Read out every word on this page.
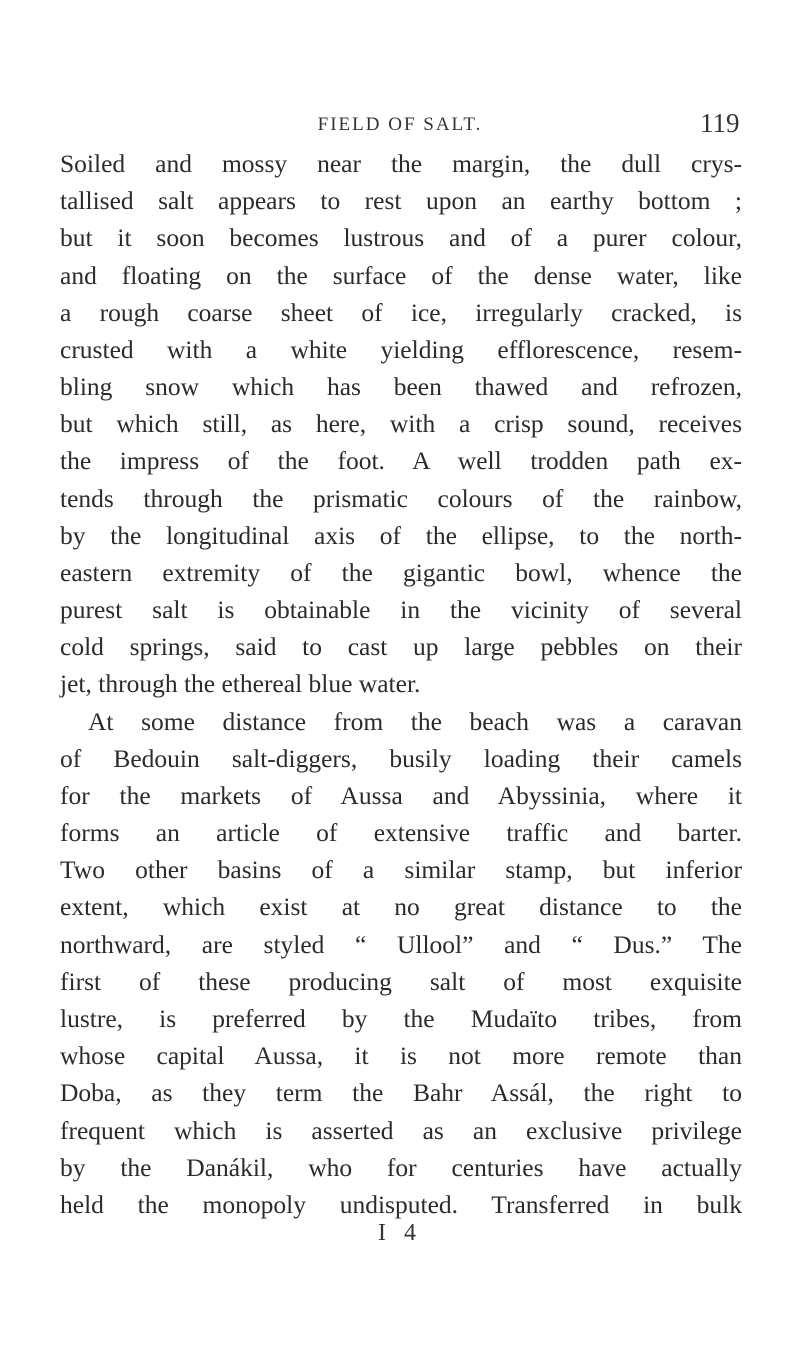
FIELD OF SALT.	119
Soiled and mossy near the margin, the dull crys-
tallised salt appears to rest upon an earthy bottom ;
but it soon becomes lustrous and of a purer colour,
and floating on the surface of the dense water, like
a rough coarse sheet of ice, irregularly cracked, is
crusted with a white yielding efflorescence, resem-
bling snow which has been thawed and refrozen,
but which still, as here, with a crisp sound, receives
the impress of the foot. A well trodden path ex-
tends through the prismatic colours of the rainbow,
by the longitudinal axis of the ellipse, to the north-
eastern extremity of the gigantic bowl, whence the
purest salt is obtainable in the vicinity of several
cold springs, said to cast up large pebbles on their
jet, through the ethereal blue water.
At some distance from the beach was a caravan
of Bedouin salt-diggers, busily loading their camels
for the markets of Aussa and Abyssinia, where it
forms an article of extensive traffic and barter.
Two other basins of a similar stamp, but inferior
extent, which exist at no great distance to the
northward, are styled “ Ullool” and “ Dus.” The
first of these producing salt of most exquisite
lustre, is preferred by the Mudaïto tribes, from
whose capital Aussa, it is not more remote than
Doba, as they term the Bahr Assál, the right to
frequent which is asserted as an exclusive privilege
by the Danákil, who for centuries have actually
held the monopoly undisputed. Transferred in bulk
I 4
